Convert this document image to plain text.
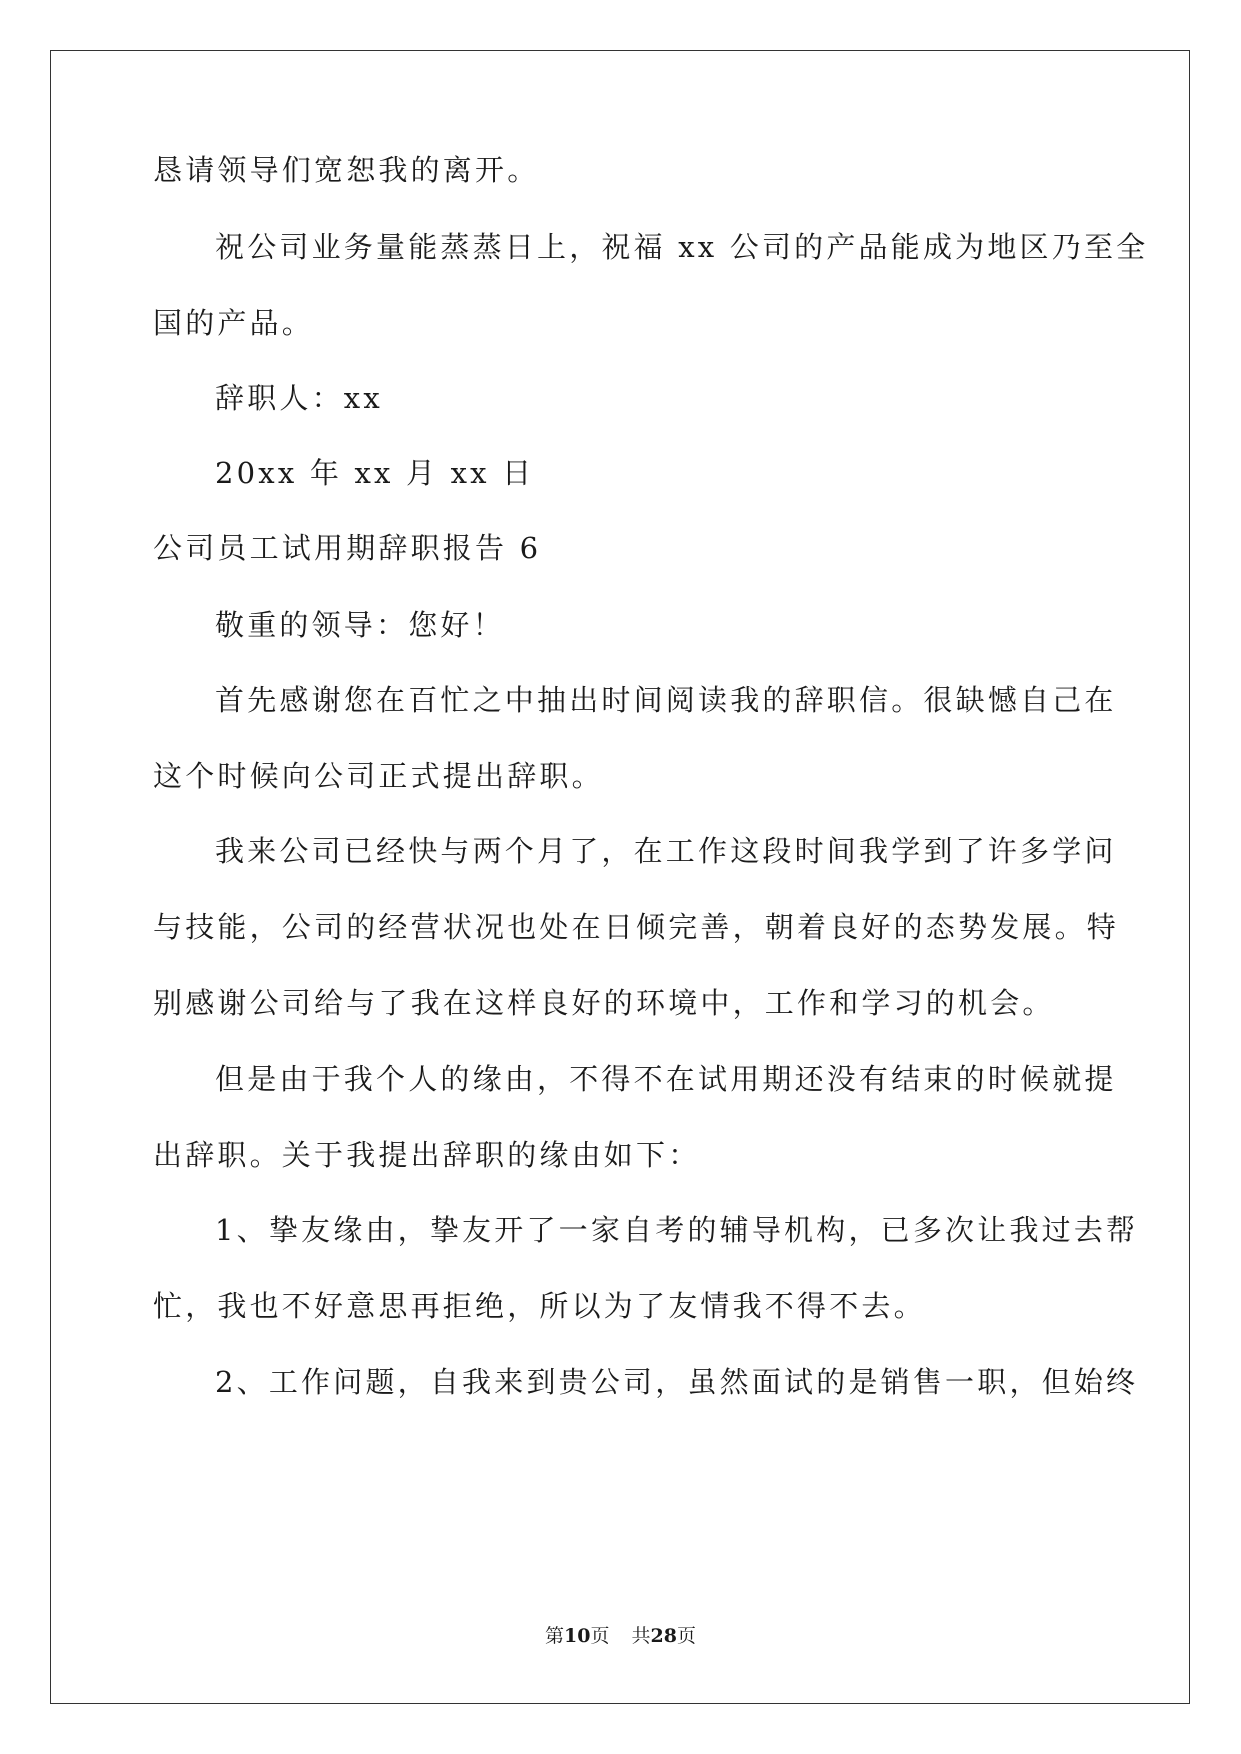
恳请领导们宽恕我的离开。
祝公司业务量能蒸蒸日上，祝福 xx 公司的产品能成为地区乃至全
国的产品。
辞职人：xx
20xx 年 xx 月 xx 日
公司员工试用期辞职报告 6
敬重的领导：您好！
首先感谢您在百忙之中抽出时间阅读我的辞职信。很缺憾自己在
这个时候向公司正式提出辞职。
我来公司已经快与两个月了，在工作这段时间我学到了许多学问
与技能，公司的经营状况也处在日倾完善，朝着良好的态势发展。特
别感谢公司给与了我在这样良好的环境中，工作和学习的机会。
但是由于我个人的缘由，不得不在试用期还没有结束的时候就提
出辞职。关于我提出辞职的缘由如下：
1、挚友缘由，挚友开了一家自考的辅导机构，已多次让我过去帮
忙，我也不好意思再拒绝，所以为了友情我不得不去。
2、工作问题，自我来到贵公司，虽然面试的是销售一职，但始终
第10页 共28页
